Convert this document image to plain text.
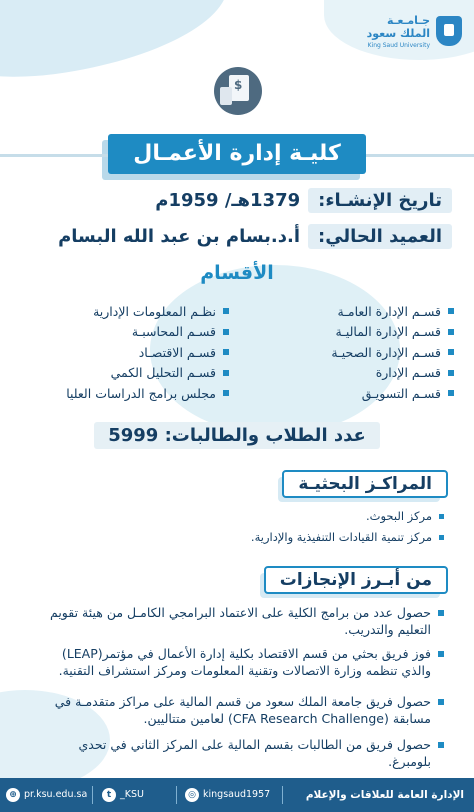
جـامـعـة
الملك سعود
King Saud University
$
كليـة إدارة الأعمـال
تاريخ الإنشـاء:
1379هـ/ 1959م
العميد الحالي:
أ.د.بسام بن عبد الله البسام
الأقسام
قسـم الإدارة العامـة
قسـم الإدارة الماليـة
قسـم الإدارة الصحيـة
قسـم الإدارة
قسـم التسويـق
نظـم المعلومات الإدارية
قسـم المحاسبـة
قسـم الاقتصـاد
قسـم التحليل الكمي
مجلس برامج الدراسات العليا
عدد الطلاب والطالبات: 5999
المراكـز البحثيـة
مركز البحوث.
مركز تنمية القيادات التنفيذية والإدارية.
من أبـرز الإنجازات
حصول عدد من برامج الكلية على الاعتماد البرامجي الكامـل من هيئة تقويم التعليم والتدريب.
فوز فريق بحثي من قسم الاقتصاد بكلية إدارة الأعمال في مؤتمر(LEAP) والذي تنظمه وزارة الاتصالات وتقنية المعلومات ومركز استشراف التقنية.
حصول فريق جامعة الملك سعود من قسم المالية على مراكز متقدمـة في مسابقة (CFA Research Challenge) لعامين متتاليين.
حصول فريق من الطالبات بقسم المالية على المركز الثاني في تحدي بلومبرغ.
الإدارة العامة للعلاقات والإعلام
◎ kingsaud1957
t _KSU
⊕ pr.ksu.edu.sa
